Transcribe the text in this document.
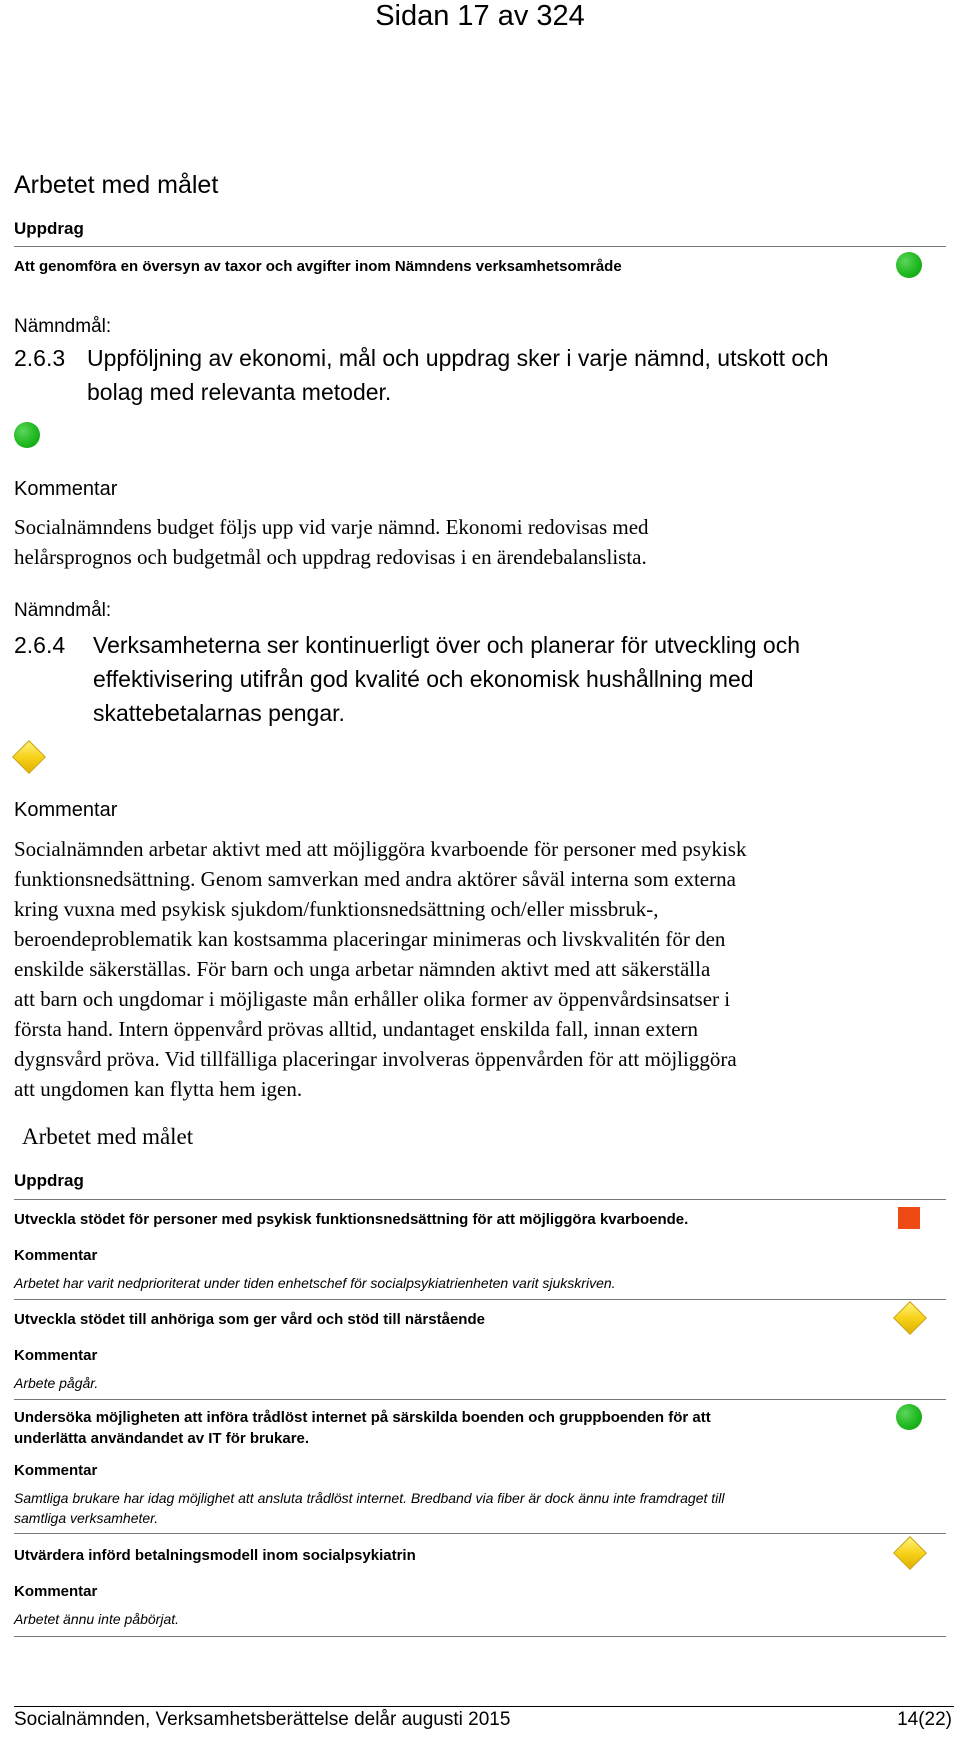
Sidan 17 av 324
Arbetet med målet
Uppdrag
Att genomföra en översyn av taxor och avgifter inom Nämndens verksamhetsområde
Nämndmål:
2.6.3 Uppföljning av ekonomi, mål och uppdrag sker i varje nämnd, utskott och
bolag med relevanta metoder.
Kommentar
Socialnämndens budget följs upp vid varje nämnd. Ekonomi redovisas med
helårsprognos och budgetmål och uppdrag redovisas i en ärendebalanslista.
Nämndmål:
2.6.4 Verksamheterna ser kontinuerligt över och planerar för utveckling och
effektivisering utifrån god kvalité och ekonomisk hushållning med
skattebetalarnas pengar.
Kommentar
Socialnämnden arbetar aktivt med att möjliggöra kvarboende för personer med psykisk
funktionsnedsättning. Genom samverkan med andra aktörer såväl interna som externa
kring vuxna med psykisk sjukdom/funktionsnedsättning och/eller missbruk-,
beroendeproblematik kan kostsamma placeringar minimeras och livskvalitén för den
enskilde säkerställas. För barn och unga arbetar nämnden aktivt med att säkerställa
att barn och ungdomar i möjligaste mån erhåller olika former av öppenvårdsinsatser i
första hand. Intern öppenvård prövas alltid, undantaget enskilda fall, innan extern
dygnsvård pröva. Vid tillfälliga placeringar involveras öppenvården för att möjliggöra
att ungdomen kan flytta hem igen.
Arbetet med målet
Uppdrag
Utveckla stödet för personer med psykisk funktionsnedsättning för att möjliggöra kvarboende.
Kommentar
Arbetet har varit nedprioriterat under tiden enhetschef för socialpsykiatrienheten varit sjukskriven.
Utveckla stödet till anhöriga som ger vård och stöd till närstående
Kommentar
Arbete pågår.
Undersöka möjligheten att införa trådlöst internet på särskilda boenden och gruppboenden för att
underlätta användandet av IT för brukare.
Kommentar
Samtliga brukare har idag möjlighet att ansluta trådlöst internet. Bredband via fiber är dock ännu inte framdraget till
samtliga verksamheter.
Utvärdera införd betalningsmodell inom socialpsykiatrin
Kommentar
Arbetet ännu inte påbörjat.
Socialnämnden, Verksamhetsberättelse delår augusti 2015	14(22)
